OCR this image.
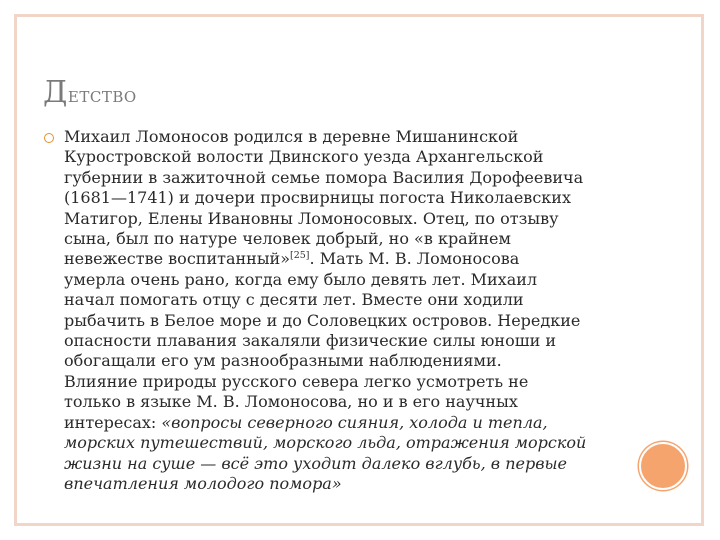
Детство

Михаил Ломоносов родился в деревне Мишанинской
Куростровской волости Двинского уезда Архангельской
губернии в зажиточной семье помора Василия Дорофеевича
(1681—1741) и дочери просвирницы погоста Николаевских
Матигор, Елены Ивановны Ломоносовых. Отец, по отзыву
сына, был по натуре человек добрый, но «в крайнем
невежестве воспитанный»[25]. Мать М. В. Ломоносова
умерла очень рано, когда ему было девять лет. Михаил
начал помогать отцу с десяти лет. Вместе они ходили
рыбачить в Белое море и до Соловецких островов. Нередкие
опасности плавания закаляли физические силы юноши и
обогащали его ум разнообразными наблюдениями.
Влияние природы русского севера легко усмотреть не
только в языке М. В. Ломоносова, но и в его научных
интересах: «вопросы северного сияния, холода и тепла,
морских путешествий, морского льда, отражения морской
жизни на суше — всё это уходит далеко вглубь, в первые
впечатления молодого помора»
